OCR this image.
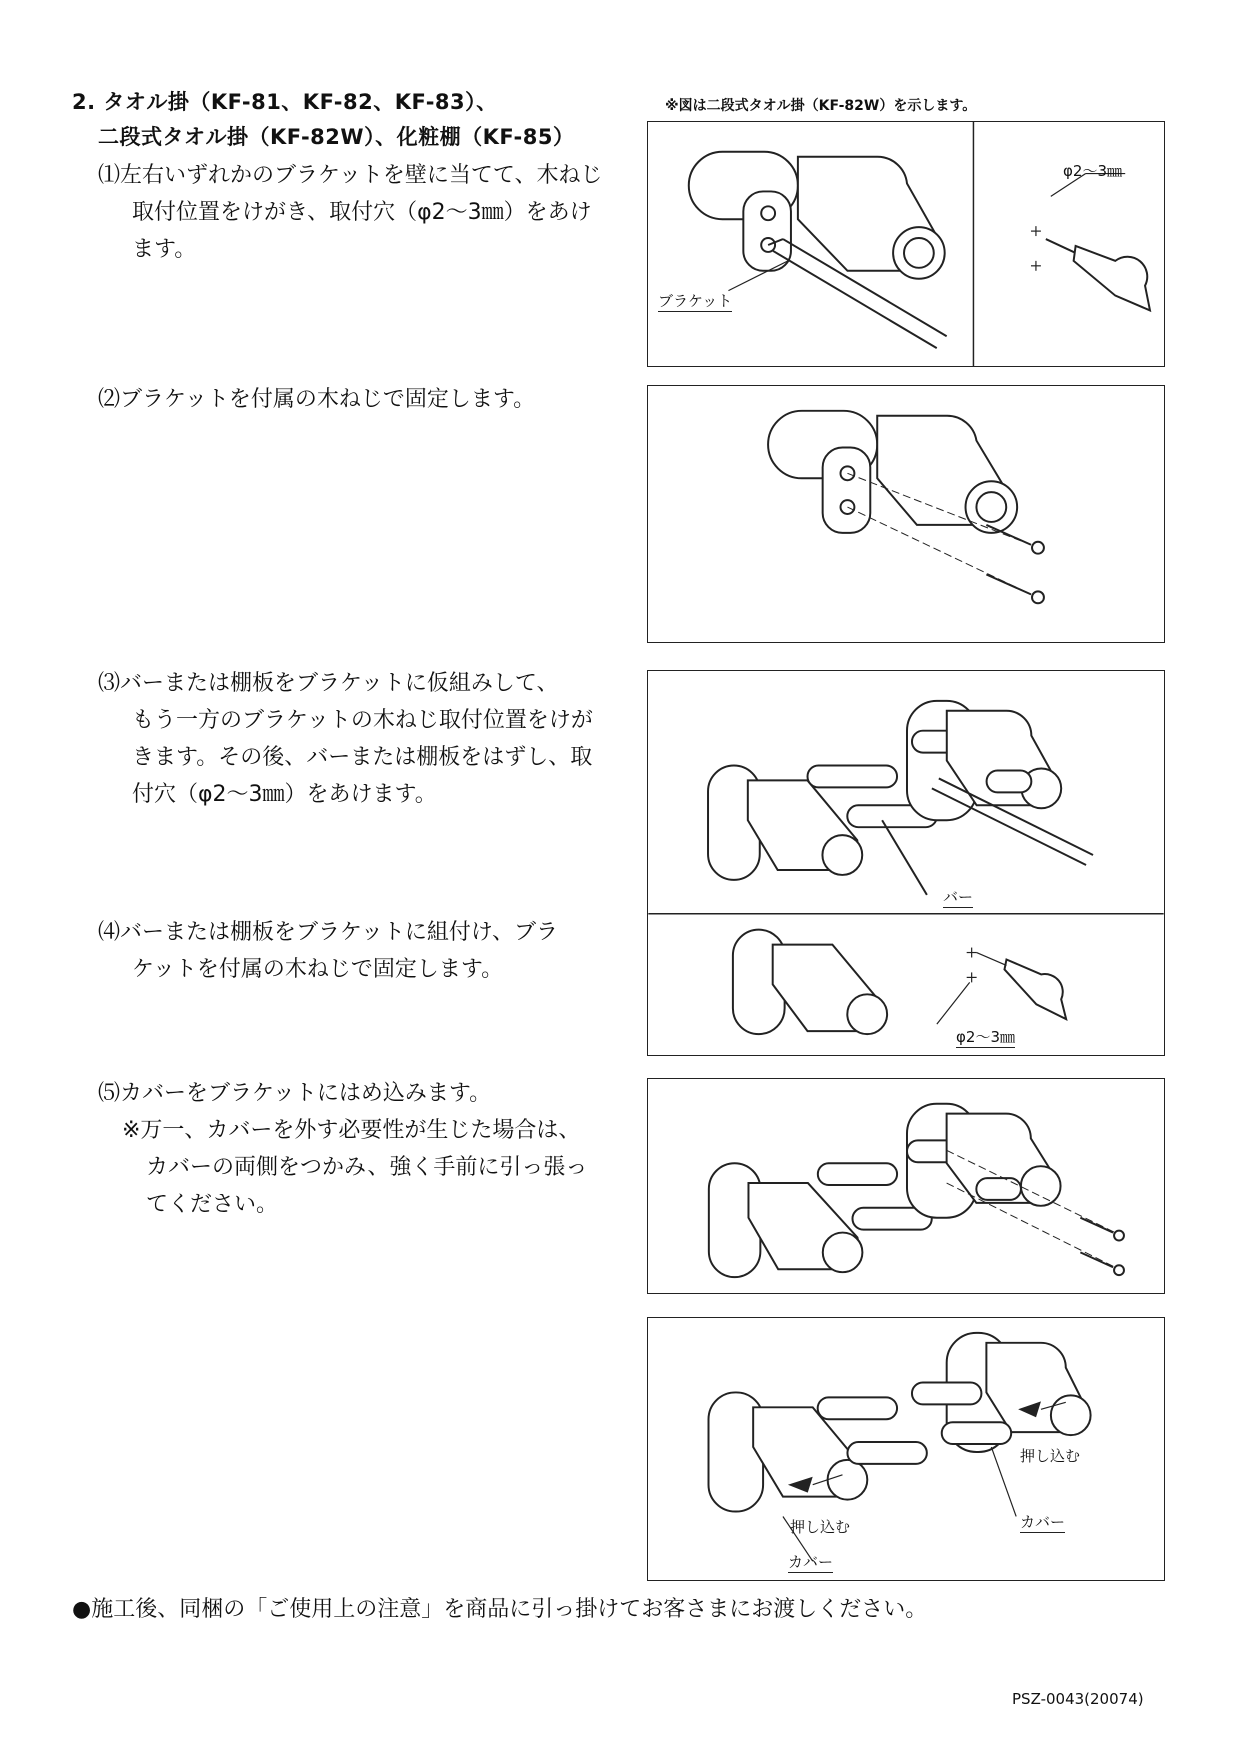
2. タオル掛（KF-81、KF-82、KF-83）、
二段式タオル掛（KF-82W）、化粧棚（KF-85）
※図は二段式タオル掛（KF-82W）を示します。
⑴左右いずれかのブラケットを壁に当てて、木ねじ
取付位置をけがき、取付穴（φ2〜3㎜）をあけ
ます。
⑵ブラケットを付属の木ねじで固定します。
⑶バーまたは棚板をブラケットに仮組みして、
もう一方のブラケットの木ねじ取付位置をけが
きます。その後、バーまたは棚板をはずし、取
付穴（φ2〜3㎜）をあけます。
⑷バーまたは棚板をブラケットに組付け、ブラ
ケットを付属の木ねじで固定します。
⑸カバーをブラケットにはめ込みます。
※万一、カバーを外す必要性が生じた場合は、
カバーの両側をつかみ、強く手前に引っ張っ
てください。
ブラケット
φ2〜3㎜
バー
φ2〜3㎜
押し込む
押し込む
カバー
カバー
●施工後、同梱の「ご使用上の注意」を商品に引っ掛けてお客さまにお渡しください。
PSZ-0043(20074)
